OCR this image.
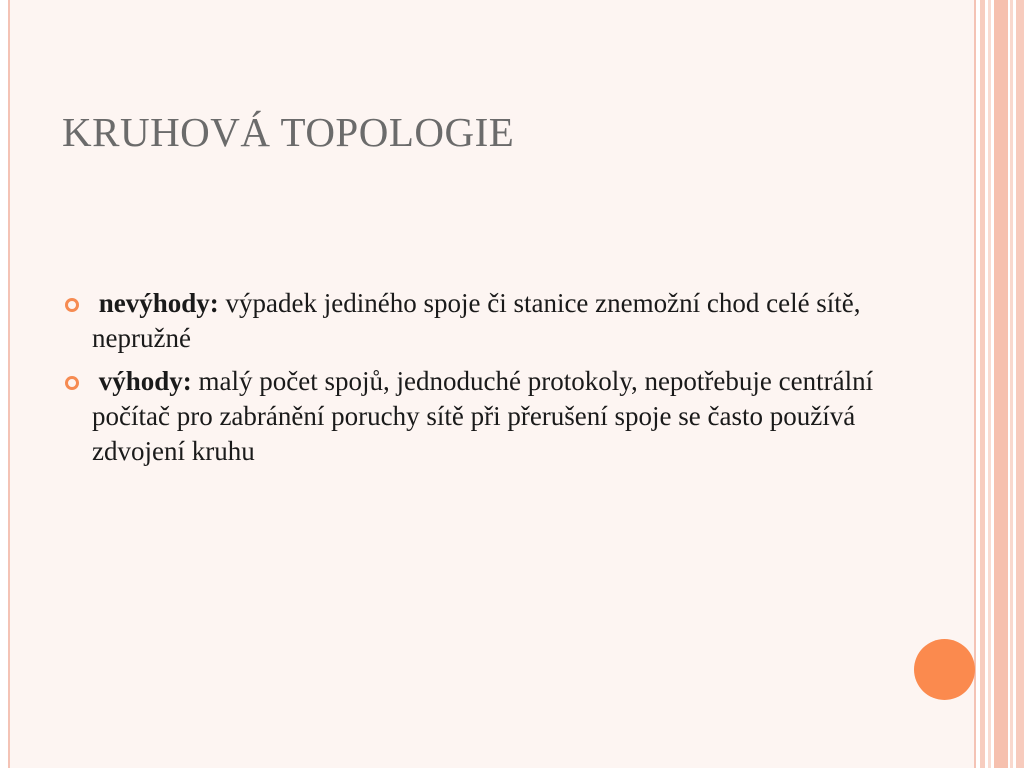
KRUHOVÁ TOPOLOGIE
nevýhody: výpadek jediného spoje či stanice znemožní chod celé sítě, nepružné
výhody: malý počet spojů, jednoduché protokoly, nepotřebuje centrální počítač pro zabránění poruchy sítě při přerušení spoje se často používá zdvojení kruhu
